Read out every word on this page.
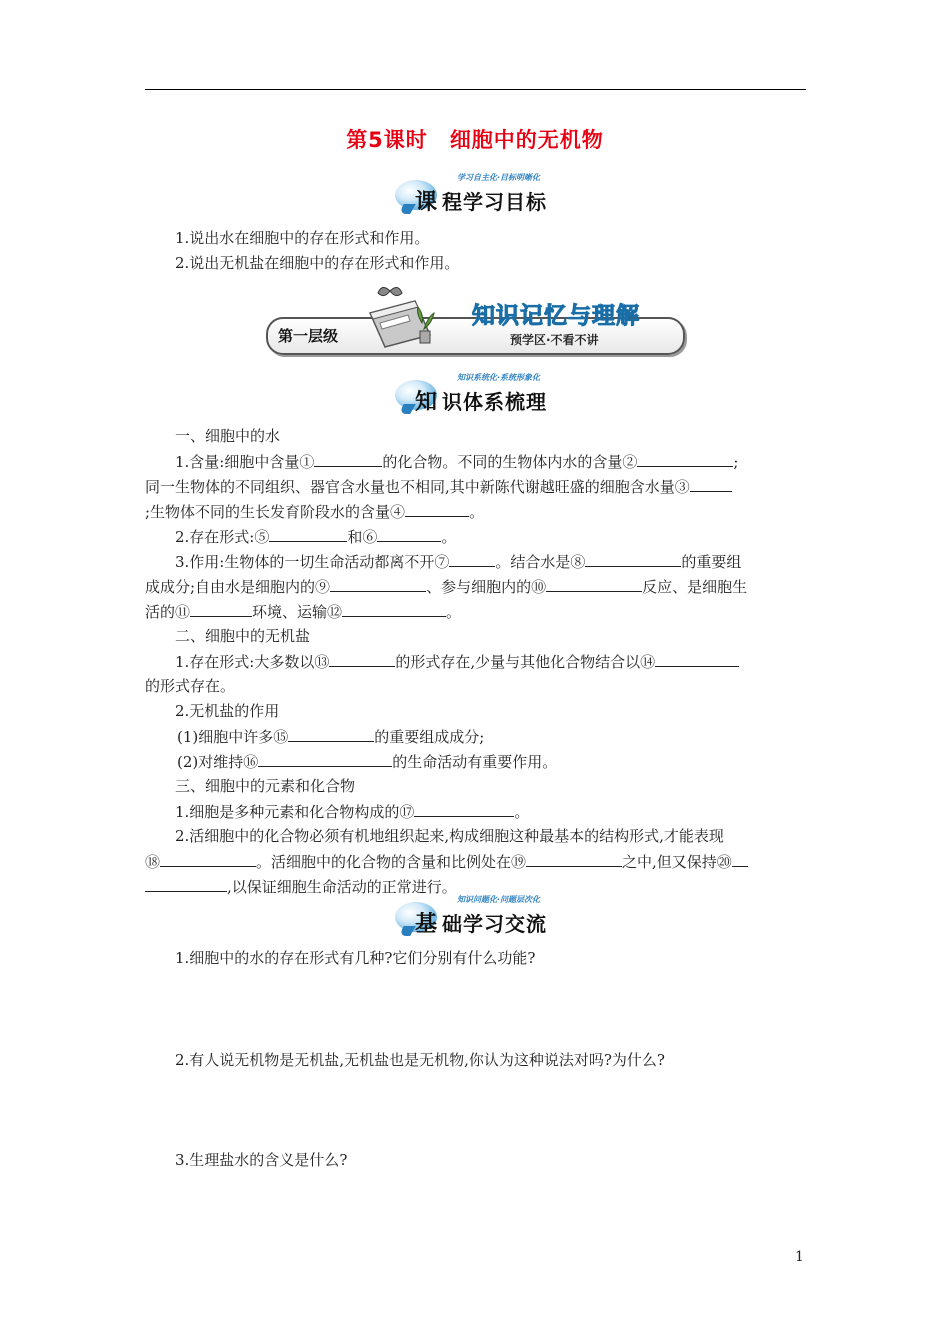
第5课时 细胞中的无机物
学习自主化·目标明晰化
课 程学习目标
1.说出水在细胞中的存在形式和作用。
2.说出无机盐在细胞中的存在形式和作用。
第一层级
知识记忆与理解
预学区·不看不讲
知识系统化·系统形象化
知 识体系梳理
一、细胞中的水
1.含量:细胞中含量①	的化合物。不同的生物体内水的含量②	;
同一生物体的不同组织、器官含水量也不相同,其中新陈代谢越旺盛的细胞含水量③
;生物体不同的生长发育阶段水的含量④	。
2.存在形式:⑤	和⑥	。
3.作用:生物体的一切生命活动都离不开⑦	。结合水是⑧	的重要组
成成分;自由水是细胞内的⑨	、参与细胞内的⑩	反应、是细胞生
活的⑪	环境、运输⑫	。
二、细胞中的无机盐
1.存在形式:大多数以⑬	的形式存在,少量与其他化合物结合以⑭
的形式存在。
2.无机盐的作用
(1)细胞中许多⑮	的重要组成成分;
(2)对维持⑯	的生命活动有重要作用。
三、细胞中的元素和化合物
1.细胞是多种元素和化合物构成的⑰	。
2.活细胞中的化合物必须有机地组织起来,构成细胞这种最基本的结构形式,才能表现
⑱	。活细胞中的化合物的含量和比例处在⑲	之中,但又保持⑳
,以保证细胞生命活动的正常进行。
知识问题化·问题层次化
基 础学习交流
1.细胞中的水的存在形式有几种?它们分别有什么功能?
2.有人说无机物是无机盐,无机盐也是无机物,你认为这种说法对吗?为什么?
3.生理盐水的含义是什么?
1
